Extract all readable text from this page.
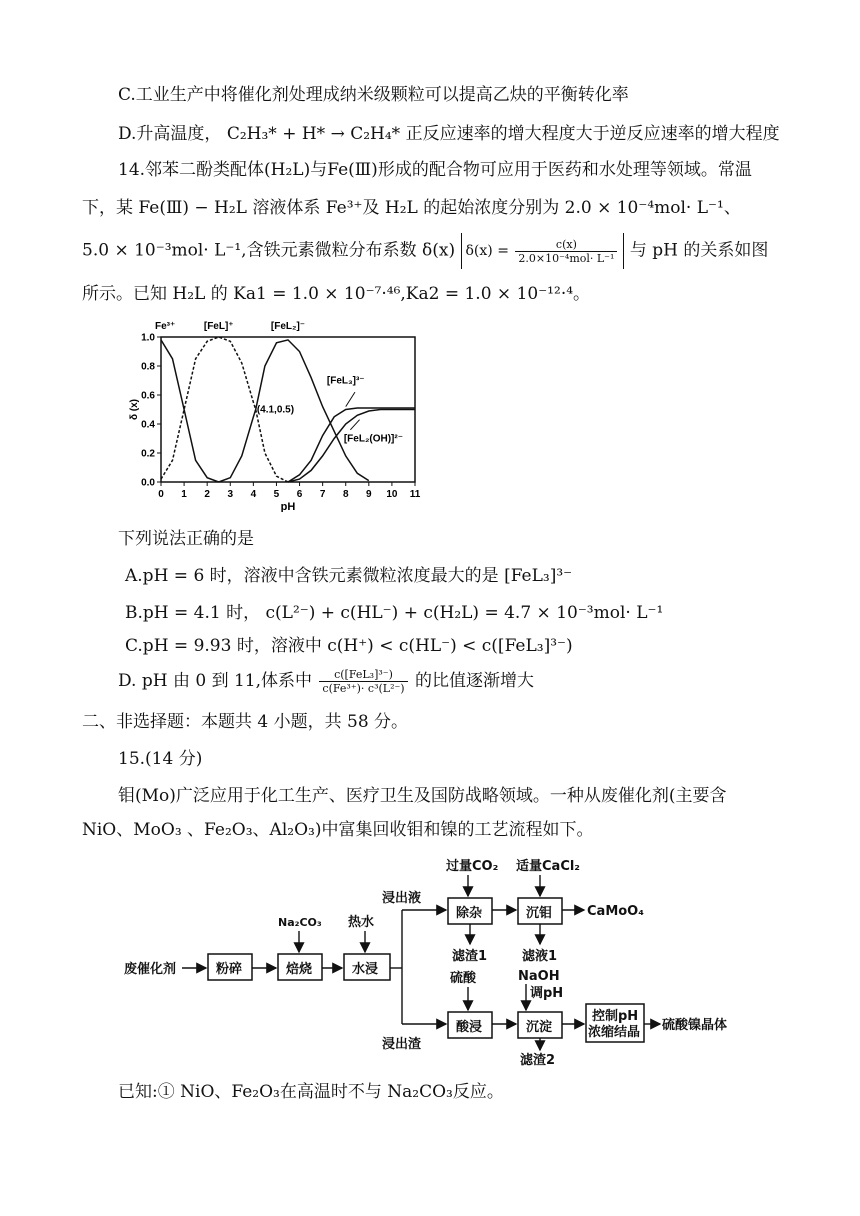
C.工业生产中将催化剂处理成纳米级颗粒可以提高乙炔的平衡转化率
D.升高温度， C₂H₃* + H* → C₂H₄* 正反应速率的增大程度大于逆反应速率的增大程度
14.邻苯二酚类配体(H₂L)与Fe(Ⅲ)形成的配合物可应用于医药和水处理等领域。常温
下，某 Fe(Ⅲ) − H₂L 溶液体系 Fe³⁺及 H₂L 的起始浓度分别为 2.0 × 10⁻⁴mol· L⁻¹、
5.0 × 10⁻³mol· L⁻¹,含铁元素微粒分布系数 δ(x) $\delta(x) = \frac{c(x)}{\text{2.0×10⁻⁴mol· L⁻¹}}$ 与 pH 的关系如图
所示。已知 H₂L 的 Ka1 = 1.0 × 10⁻⁷·⁴⁶,Ka2 = 1.0 × 10⁻¹²·⁴。
0 1 2 3 4 5 6 7 8 9 10 11
0.0
0.2
0.4
0.6
0.8
1.0
pH
δ (x)
Fe³⁺	[FeL]⁺	[FeL₂]⁻
[FeL₃]³⁻
[FeL₂(OH)]²⁻
(4.1,0.5)
下列说法正确的是
A.pH = 6 时，溶液中含铁元素微粒浓度最大的是 [FeL₃]³⁻
B.pH = 4.1 时， c(L²⁻) + c(HL⁻) + c(H₂L) = 4.7 × 10⁻³mol· L⁻¹
C.pH = 9.93 时，溶液中 c(H⁺) < c(HL⁻) < c([FeL₃]³⁻)
D. pH 由 0 到 11,体系中 $\frac{\text{c([FeL₃]³⁻)}}{\text{c(Fe³⁺)· c³(L²⁻)}}$ 的比值逐渐增大
二、非选择题：本题共 4 小题，共 58 分。
15.(14 分)
钼(Mo)广泛应用于化工生产、医疗卫生及国防战略领域。一种从废催化剂(主要含
NiO、MoO₃ 、Fe₂O₃、Al₂O₃)中富集回收钼和镍的工艺流程如下。
废催化剂	粉碎
Na₂CO₃
焙烧
热水
水浸
浸出液
浸出渣
过量CO₂
除杂
滤渣1
适量CaCl₂
沉钼
滤液1
CaMoO₄
硫酸
酸浸
NaOH
调pH
沉淀
滤渣2
控制pH
浓缩结晶 硫酸镍晶体
已知:① NiO、Fe₂O₃在高温时不与 Na₂CO₃反应。
